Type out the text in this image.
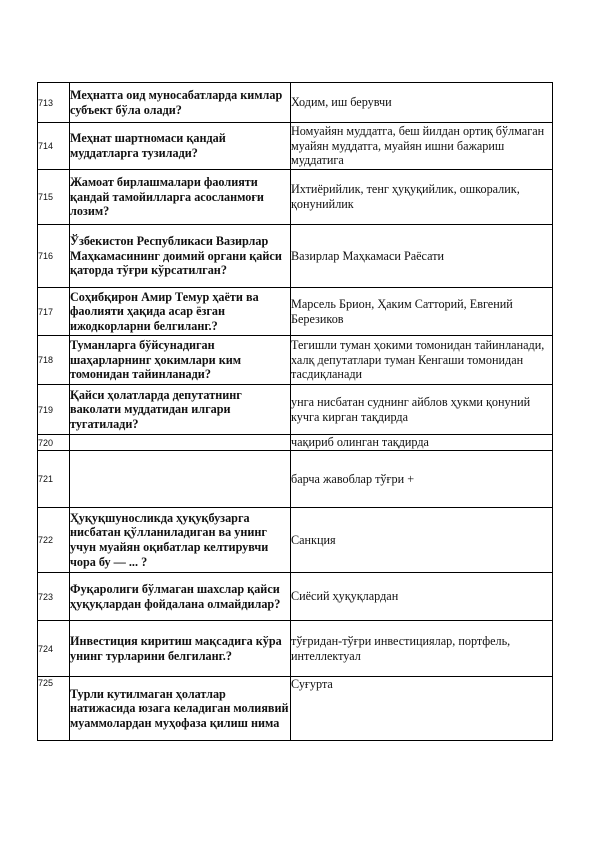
713	Меҳнатга оид муносабатларда кимлар субъект бўла олади?	Ходим, иш берувчи
714	Меҳнат шартномаси қандай муддатларга тузилади?	Номуайян муддатга, беш йилдан ортиқ бўлмаган муайян муддатга, муайян ишни бажариш муддатига
715	Жамоат бирлашмалари фаолияти қандай тамойилларга асосланмоғи лозим?	Ихтиёрийлик, тенг ҳуқуқийлик, ошкоралик, қонунийлик
716	Ўзбекистон Республикаси Вазирлар Маҳкамасининг доимий органи қайси қаторда тўғри кўрсатилган?	Вазирлар Маҳкамаси Раёсати
717	Соҳибқирон Амир Темур ҳаёти ва фаолияти ҳақида асар ёзган ижодкорларни белгиланг.?	Марсель Брион, Ҳаким Сатторий, Евгений Березиков
718	Туманларга бўйсунадиган шаҳарларнинг ҳокимлари ким томонидан тайинланади?	Тегишли туман ҳокими томонидан тайинланади, халқ депутатлари туман Кенгаши томонидан тасдиқланади
719	Қайси ҳолатларда депутатнинг ваколати муддатидан илгари тугатилади?	унга нисбатан суднинг айблов ҳукми қонуний кучга кирган тақдирда
720		чақириб олинган тақдирда
721		барча жавоблар тўғри +
722	Ҳуқуқшуносликда ҳуқуқбузарга нисбатан қўлланиладиган ва унинг учун муайян оқибатлар келтирувчи чора бу — ... ?	Санкция
723	Фуқаролиги бўлмаган шахслар қайси ҳуқуқлардан фойдалана олмайдилар?	Сиёсий ҳуқуқлардан
724	Инвестиция киритиш мақсадига кўра унинг турларини белгиланг.?	тўғридан-тўғри инвестициялар, портфель, интеллектуал
725	Турли кутилмаган ҳолатлар натижасида юзага келадиган молиявий муаммолардан муҳофаза қилиш нима	Суғурта
